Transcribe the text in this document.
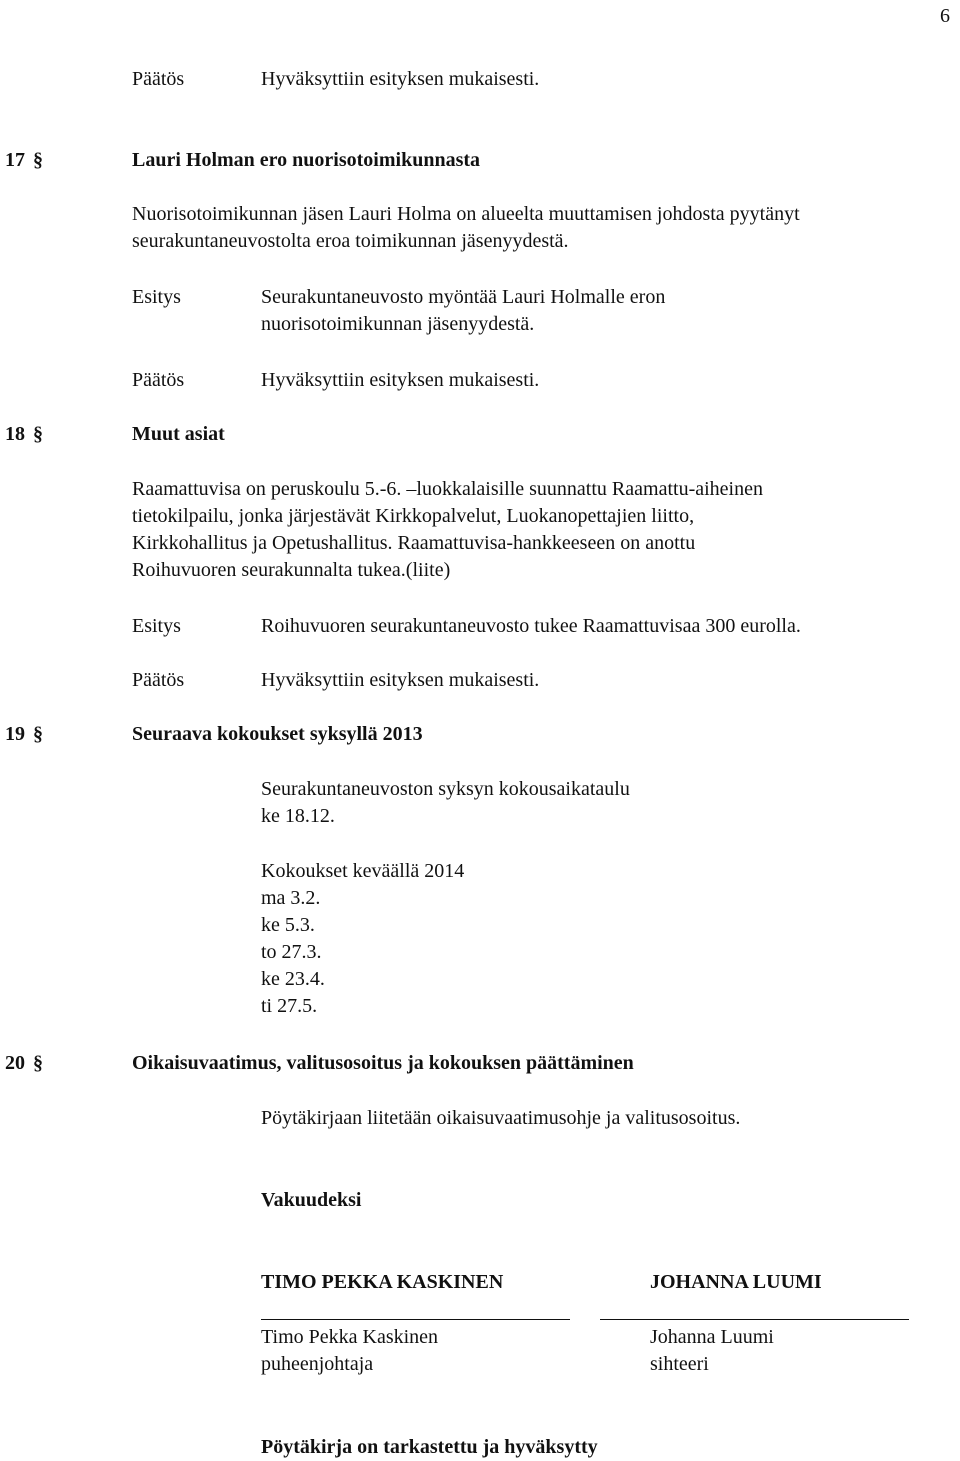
6
Päätös	Hyväksyttiin esityksen mukaisesti.
17 §	Lauri Holman ero nuorisotoimikunnasta
Nuorisotoimikunnan jäsen Lauri Holma on alueelta muuttamisen johdosta pyytänyt
seurakuntaneuvostolta eroa toimikunnan jäsenyydestä.
Esitys	Seurakuntaneuvosto myöntää Lauri Holmalle eron
nuorisotoimikunnan jäsenyydestä.
Päätös	Hyväksyttiin esityksen mukaisesti.
18 §	Muut asiat
Raamattuvisa on peruskoulu 5.-6. –luokkalaisille suunnattu Raamattu-aiheinen
tietokilpailu, jonka järjestävät Kirkkopalvelut, Luokanopettajien liitto,
Kirkkohallitus ja Opetushallitus. Raamattuvisa-hankkeeseen on anottu
Roihuvuoren seurakunnalta tukea.(liite)
Esitys	Roihuvuoren seurakuntaneuvosto tukee Raamattuvisaa 300 eurolla.
Päätös	Hyväksyttiin esityksen mukaisesti.
19 §	Seuraava kokoukset syksyllä 2013
Seurakuntaneuvoston syksyn kokousaikataulu
ke 18.12.
Kokoukset keväällä 2014
ma 3.2.
ke 5.3.
to 27.3.
ke 23.4.
ti 27.5.
20 §	Oikaisuvaatimus, valitusosoitus ja kokouksen päättäminen
Pöytäkirjaan liitetään oikaisuvaatimusohje ja valitusosoitus.
Vakuudeksi
TIMO PEKKA KASKINEN	JOHANNA LUUMI
Timo Pekka Kaskinen
puheenjohtaja
Johanna Luumi
sihteeri
Pöytäkirja on tarkastettu ja hyväksytty
